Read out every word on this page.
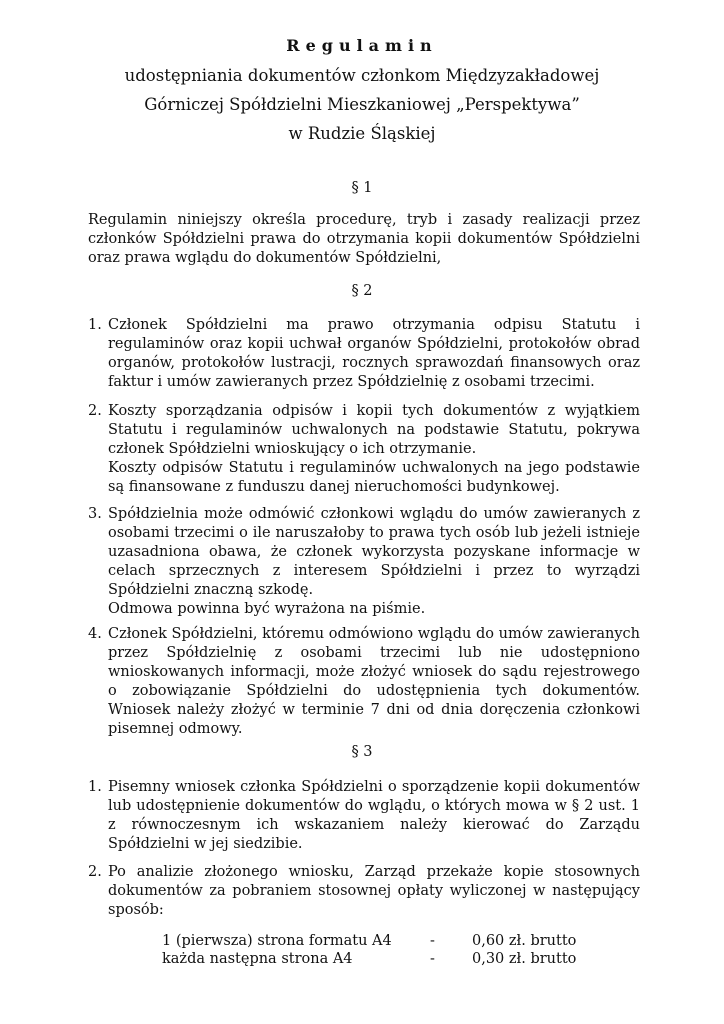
Regulamin
udostępniania dokumentów członkom Międzyzakładowej
Górniczej Spółdzielni Mieszkaniowej „Perspektywa”
w Rudzie Śląskiej
§ 1
Regulamin niniejszy określa procedurę, tryb i zasady realizacji przez członków Spółdzielni prawa do otrzymania kopii dokumentów Spółdzielni oraz prawa wglądu do dokumentów Spółdzielni,
§ 2
1. Członek Spółdzielni ma prawo otrzymania odpisu Statutu i regulaminów oraz kopii uchwał organów Spółdzielni, protokołów obrad organów, protokołów lustracji, rocznych sprawozdań finansowych oraz faktur i umów zawieranych przez Spółdzielnię z osobami trzecimi.
2. Koszty sporządzania odpisów i kopii tych dokumentów z wyjątkiem Statutu i regulaminów uchwalonych na podstawie Statutu, pokrywa członek Spółdzielni wnioskujący o ich otrzymanie.
Koszty odpisów Statutu i regulaminów uchwalonych na jego podstawie są finansowane z funduszu danej nieruchomości budynkowej.
3. Spółdzielnia może odmówić członkowi wglądu do umów zawieranych z osobami trzecimi o ile naruszałoby to prawa tych osób lub jeżeli istnieje uzasadniona obawa, że członek wykorzysta pozyskane informacje w celach sprzecznych z interesem Spółdzielni i przez to wyrządzi Spółdzielni znaczną szkodę.
Odmowa powinna być wyrażona na piśmie.
4. Członek Spółdzielni, któremu odmówiono wglądu do umów zawieranych przez Spółdzielnię z osobami trzecimi lub nie udostępniono wnioskowanych informacji, może złożyć wniosek do sądu rejestrowego o zobowiązanie Spółdzielni do udostępnienia tych dokumentów. Wniosek należy złożyć w terminie 7 dni od dnia doręczenia członkowi pisemnej odmowy.
§ 3
1. Pisemny wniosek członka Spółdzielni o sporządzenie kopii dokumentów lub udostępnienie dokumentów do wglądu, o których mowa w § 2 ust. 1 z równoczesnym ich wskazaniem należy kierować do Zarządu Spółdzielni w jej siedzibie.
2. Po analizie złożonego wniosku, Zarząd przekaże kopie stosownych dokumentów za pobraniem stosownej opłaty wyliczonej w następujący sposób:
1 (pierwsza) strona formatu A4	-	0,60 zł. brutto
każda następna strona A4	-	0,30 zł. brutto
